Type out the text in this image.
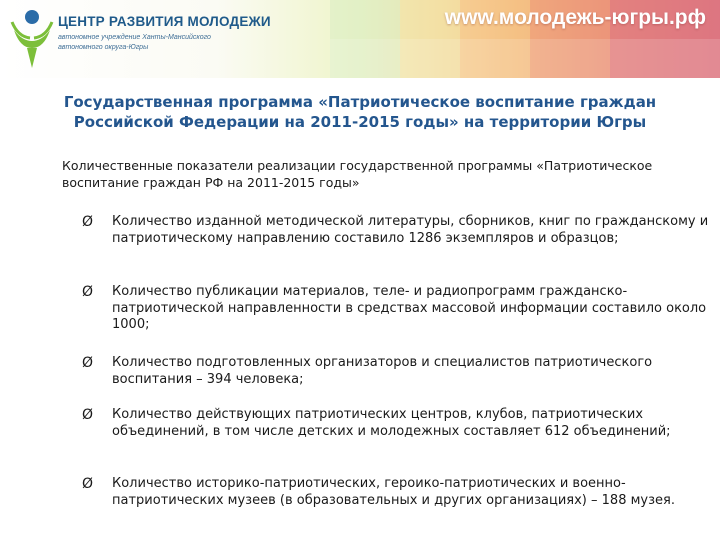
ЦЕНТР РАЗВИТИЯ МОЛОДЕЖИ
автономное учреждение Ханты-Мансийского автономного округа-Югры
www.молодежь-югры.рф
Государственная программа «Патриотическое воспитание граждан Российской Федерации на 2011-2015 годы» на территории Югры
Количественные показатели реализации государственной программы «Патриотическое воспитание граждан РФ на 2011-2015 годы»
Ø Количество изданной методической литературы, сборников, книг по гражданскому и патриотическому направлению составило 1286 экземпляров и образцов;
Ø Количество публикации материалов, теле- и радиопрограмм гражданско-патриотической направленности в средствах массовой информации составило около 1000;
Ø Количество подготовленных организаторов и специалистов патриотического воспитания – 394 человека;
Ø Количество действующих патриотических центров, клубов, патриотических объединений, в том числе детских и молодежных составляет 612 объединений;
Ø Количество историко-патриотических, героико-патриотических и военно-патриотических музеев (в образовательных и других организациях) – 188 музея.
